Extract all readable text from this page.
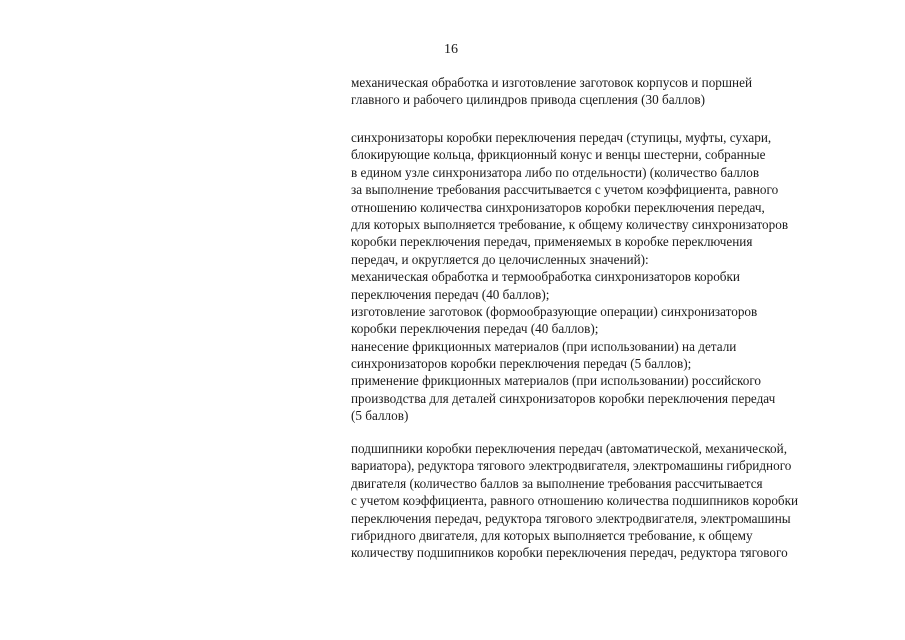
16
механическая обработка и изготовление заготовок корпусов и поршней
главного и рабочего цилиндров привода сцепления (30 баллов)
синхронизаторы коробки переключения передач (ступицы, муфты, сухари,
блокирующие кольца, фрикционный конус и венцы шестерни, собранные
в едином узле синхронизатора либо по отдельности) (количество баллов
за выполнение требования рассчитывается с учетом коэффициента, равного
отношению количества синхронизаторов коробки переключения передач,
для которых выполняется требование, к общему количеству синхронизаторов
коробки переключения передач, применяемых в коробке переключения
передач, и округляется до целочисленных значений):
механическая обработка и термообработка синхронизаторов коробки
переключения передач (40 баллов);
изготовление заготовок (формообразующие операции) синхронизаторов
коробки переключения передач (40 баллов);
нанесение фрикционных материалов (при использовании) на детали
синхронизаторов коробки переключения передач (5 баллов);
применение фрикционных материалов (при использовании) российского
производства для деталей синхронизаторов коробки переключения передач
(5 баллов)
подшипники коробки переключения передач (автоматической, механической,
вариатора), редуктора тягового электродвигателя, электромашины гибридного
двигателя (количество баллов за выполнение требования рассчитывается
с учетом коэффициента, равного отношению количества подшипников коробки
переключения передач, редуктора тягового электродвигателя, электромашины
гибридного двигателя, для которых выполняется требование, к общему
количеству подшипников коробки переключения передач, редуктора тягового
